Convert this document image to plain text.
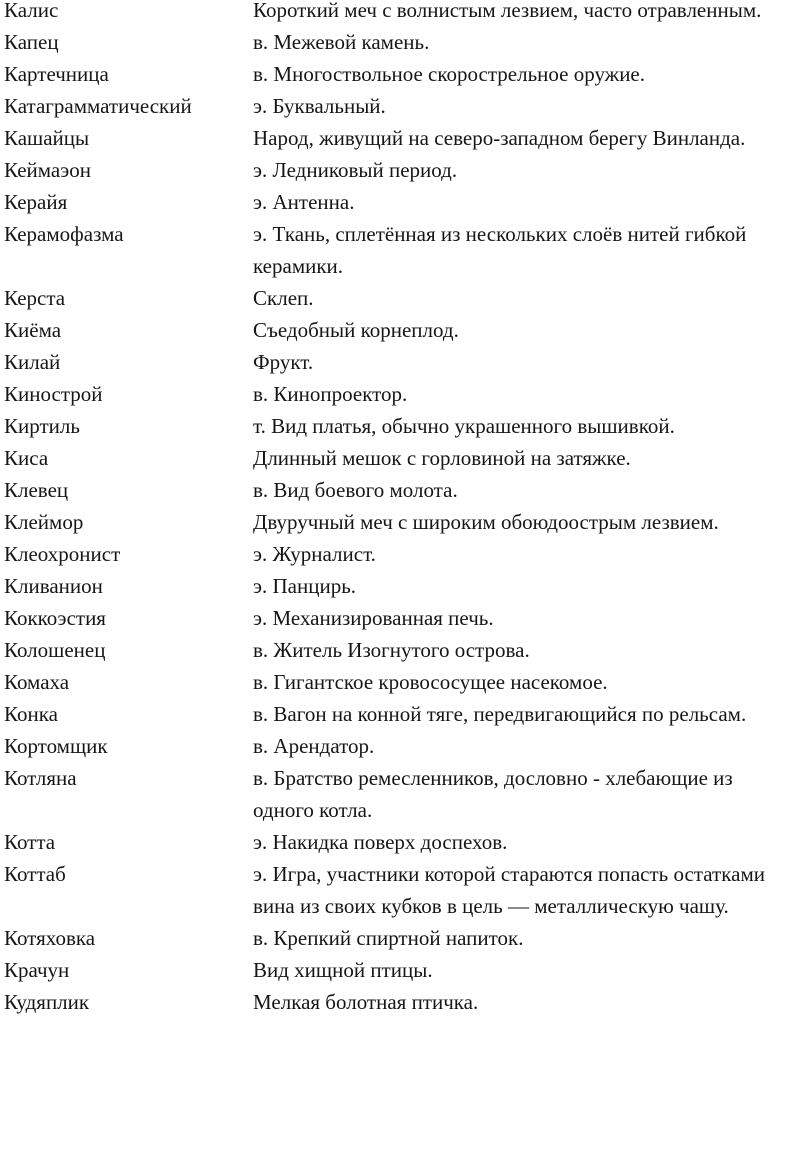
Калис	Короткий меч с волнистым лезвием, часто отравленным.
Капец	в. Межевой камень.
Картечница	в. Многоствольное скорострельное оружие.
Катаграмматический	э. Буквальный.
Кашайцы	Народ, живущий на северо-западном берегу Винланда.
Кеймаэон	э. Ледниковый период.
Керайя	э. Антенна.
Керамофазма	э. Ткань, сплетённая из нескольких слоёв нитей гибкой керамики.
Керста	Склеп.
Киёма	Съедобный корнеплод.
Килай	Фрукт.
Кинострой	в. Кинопроектор.
Киртиль	т. Вид платья, обычно украшенного вышивкой.
Киса	Длинный мешок с горловиной на затяжке.
Клевец	в. Вид боевого молота.
Клеймор	Двуручный меч с широким обоюдоострым лезвием.
Клеохронист	э. Журналист.
Кливанион	э. Панцирь.
Коккоэстия	э. Механизированная печь.
Колошенец	в. Житель Изогнутого острова.
Комаха	в. Гигантское кровососущее насекомое.
Конка	в. Вагон на конной тяге, передвигающийся по рельсам.
Кортомщик	в. Арендатор.
Котляна	в. Братство ремесленников, дословно - хлебающие из одного котла.
Котта	э. Накидка поверх доспехов.
Коттаб	э. Игра, участники которой стараются попасть остатками вина из своих кубков в цель — металлическую чашу.
Котяховка	в. Крепкий спиртной напиток.
Крачун	Вид хищной птицы.
Кудяплик	Мелкая болотная птичка.
